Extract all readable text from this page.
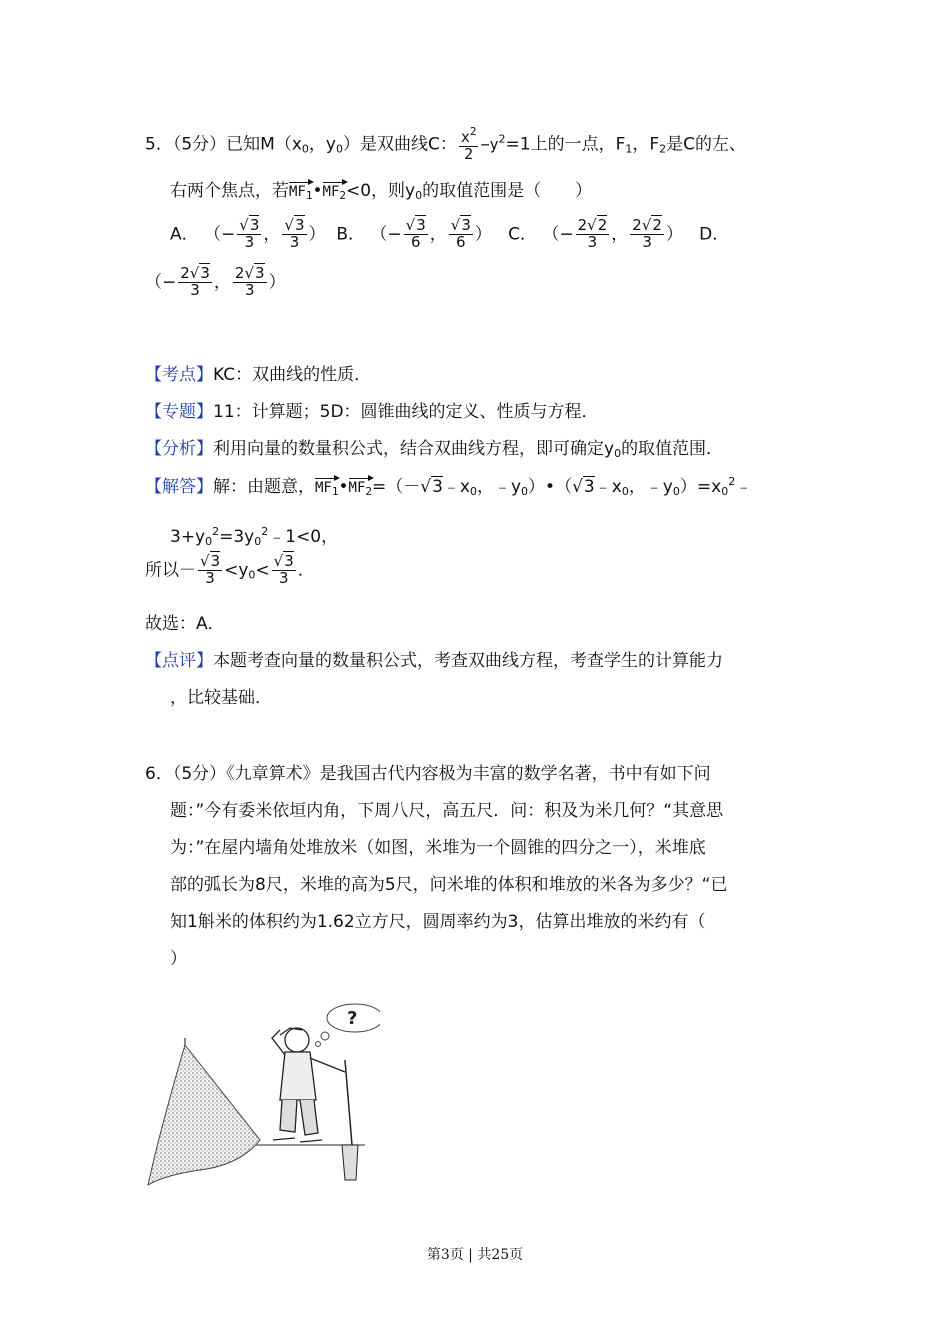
5．（5分）已知$M(x_0$，$y_0$）是双曲线C： $\frac{x^2}{2} -y^2=1$上的一点，$F_1$，$F_2$是C的左、
右两个焦点，若$MF_1•MF_2<0$，则$y_0$的取值范围是（　　）
A． （− $\frac{√3}{3}$ ， $\frac{√3}{3}$ ） B． （− $\frac{√3}{6}$ ， $\frac{√3}{6}$ ） C． （− $\frac{2√2}{3}$ ， $\frac{2√2}{3}$ ） D．
（− $\frac{2√3}{3}$ ， $\frac{2√3}{3}$ ）
【考点】KC：双曲线的性质．
【专题】11：计算题；5D：圆锥曲线的定义、性质与方程．
【分析】利用向量的数量积公式，结合双曲线方程，即可确定$y_0$的取值范围．
【解答】解：由题意，$MF_1•MF_2=(-√3﹣x_0$，$﹣y_0)•(√3﹣x_0$，$﹣y_0)=x_0^2﹣$
$3+y_0^2=3y_0^2﹣1<0$，
所以－ $\frac{√3}{3} <y_0< \frac{√3}{3}$ ．
故选：A．
【点评】本题考查向量的数量积公式，考查双曲线方程，考查学生的计算能力
，比较基础．
6．（5分）《九章算术》是我国古代内容极为丰富的数学名著，书中有如下问
题：”今有委米依垣内角，下周八尺，高五尺．问：积及为米几何？“其意思
为：”在屋内墙角处堆放米（如图，米堆为一个圆锥的四分之一），米堆底
部的弧长为8尺，米堆的高为5尺，问米堆的体积和堆放的米各为多少？“已
知1斛米的体积约为1.62立方尺，圆周率约为3，估算出堆放的米约有（
）
?
第3页 | 共25页
